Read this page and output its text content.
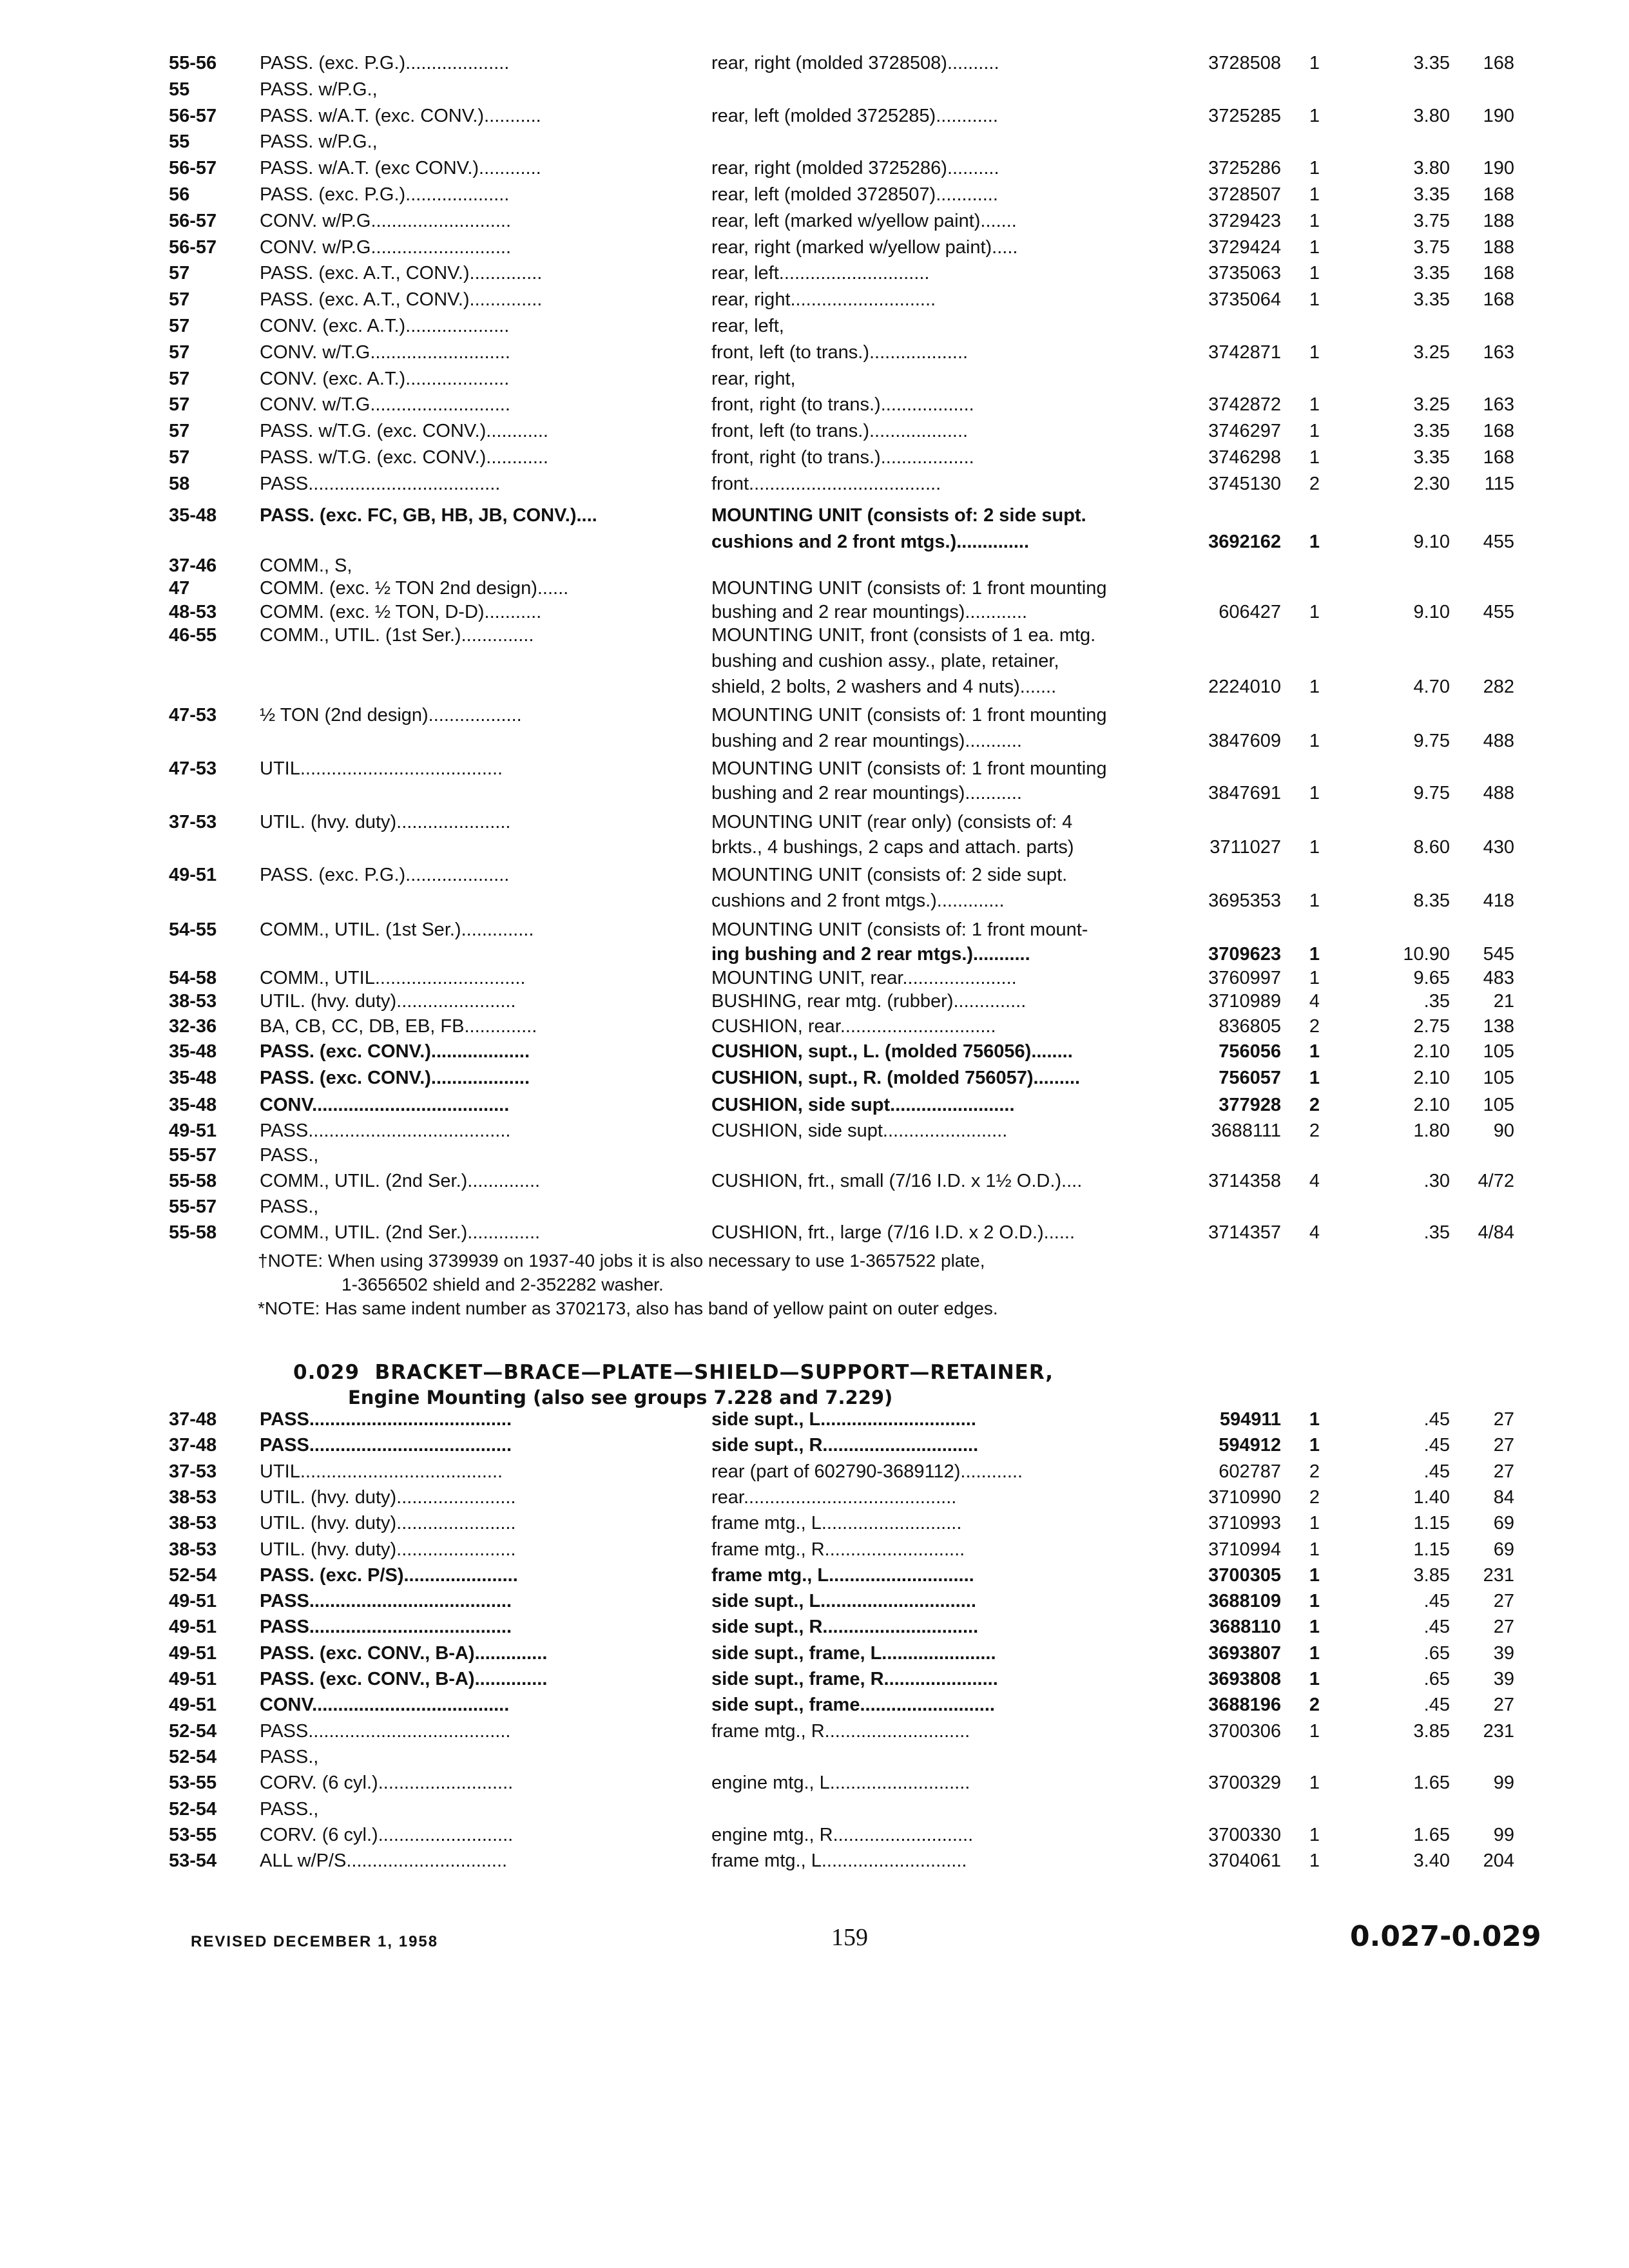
55-56 PASS. (exc. P.G.)....................	rear, right (molded 3728508)..........	3728508	1	3.35	168
55	PASS. w/P.G.,
56-57 PASS. w/A.T. (exc. CONV.)...........	rear, left (molded 3725285)............	3725285	1	3.80	190
55	PASS. w/P.G.,
56-57 PASS. w/A.T. (exc CONV.)............	rear, right (molded 3725286)..........	3725286	1	3.80	190
56	PASS. (exc. P.G.)....................	rear, left (molded 3728507)............	3728507	1	3.35	168
56-57 CONV. w/P.G...........................	rear, left (marked w/yellow paint).......	3729423	1	3.75	188
56-57 CONV. w/P.G...........................	rear, right (marked w/yellow paint).....	3729424	1	3.75	188
57	PASS. (exc. A.T., CONV.)..............	rear, left.............................	3735063	1	3.35	168
57	PASS. (exc. A.T., CONV.)..............	rear, right............................	3735064	1	3.35	168
57	CONV. (exc. A.T.)....................	rear, left,
57	CONV. w/T.G...........................	front, left (to trans.)...................	3742871	1	3.25	163
57	CONV. (exc. A.T.)....................	rear, right,
57	CONV. w/T.G...........................	front, right (to trans.)..................	3742872	1	3.25	163
57	PASS. w/T.G. (exc. CONV.)............	front, left (to trans.)...................	3746297	1	3.35	168
57	PASS. w/T.G. (exc. CONV.)............	front, right (to trans.)..................	3746298	1	3.35	168
58	PASS.....................................	front.....................................	3745130	2	2.30	115
35-48 PASS. (exc. FC, GB, HB, JB, CONV.)....	MOUNTING UNIT (consists of: 2 side supt.
cushions and 2 front mtgs.)..............	3692162	1	9.10	455
37-46 COMM., S,
47	COMM. (exc. ½ TON 2nd design)......	MOUNTING UNIT (consists of: 1 front mounting
48-53 COMM. (exc. ½ TON, D-D)...........	bushing and 2 rear mountings)............	606427	1	9.10	455
46-55 COMM., UTIL. (1st Ser.)..............	MOUNTING UNIT, front (consists of 1 ea. mtg.
bushing and cushion assy., plate, retainer,
shield, 2 bolts, 2 washers and 4 nuts).......	2224010	1	4.70	282
47-53 ½ TON (2nd design)..................	MOUNTING UNIT (consists of: 1 front mounting
bushing and 2 rear mountings)...........	3847609	1	9.75	488
47-53 UTIL.......................................	MOUNTING UNIT (consists of: 1 front mounting
bushing and 2 rear mountings)...........	3847691	1	9.75	488
37-53 UTIL. (hvy. duty)......................	MOUNTING UNIT (rear only) (consists of: 4
brkts., 4 bushings, 2 caps and attach. parts)	3711027	1	8.60	430
49-51 PASS. (exc. P.G.)....................	MOUNTING UNIT (consists of: 2 side supt.
cushions and 2 front mtgs.).............	3695353	1	8.35	418
54-55 COMM., UTIL. (1st Ser.)..............	MOUNTING UNIT (consists of: 1 front mount-
ing bushing and 2 rear mtgs.)...........	3709623	1	10.90	545
54-58 COMM., UTIL.............................	MOUNTING UNIT, rear......................	3760997	1	9.65	483
38-53 UTIL. (hvy. duty).......................	BUSHING, rear mtg. (rubber)..............	3710989	4	.35	21
32-36 BA, CB, CC, DB, EB, FB..............	CUSHION, rear..............................	836805	2	2.75	138
35-48 PASS. (exc. CONV.)...................	CUSHION, supt., L. (molded 756056)........	756056	1	2.10	105
35-48 PASS. (exc. CONV.)...................	CUSHION, supt., R. (molded 756057).........	756057	1	2.10	105
35-48 CONV......................................	CUSHION, side supt........................	377928	2	2.10	105
49-51 PASS.......................................	CUSHION, side supt........................	3688111	2	1.80	90
55-57 PASS.,
55-58 COMM., UTIL. (2nd Ser.)..............	CUSHION, frt., small (7/16 I.D. x 1½ O.D.)....	3714358	4	.30	4/72
55-57 PASS.,
55-58 COMM., UTIL. (2nd Ser.)..............	CUSHION, frt., large (7/16 I.D. x 2 O.D.)......	3714357	4	.35	4/84
†NOTE: When using 3739939 on 1937-40 jobs it is also necessary to use 1-3657522 plate,
1-3656502 shield and 2-352282 washer.
*NOTE: Has same indent number as 3702173, also has band of yellow paint on outer edges.
0.029 BRACKET—BRACE—PLATE—SHIELD—SUPPORT—RETAINER,
Engine Mounting (also see groups 7.228 and 7.229)
37-48 PASS.......................................	side supt., L..............................	594911	1	.45	27
37-48 PASS.......................................	side supt., R..............................	594912	1	.45	27
37-53 UTIL.......................................	rear (part of 602790-3689112)............	602787	2	.45	27
38-53 UTIL. (hvy. duty).......................	rear.........................................	3710990	2	1.40	84
38-53 UTIL. (hvy. duty).......................	frame mtg., L...........................	3710993	1	1.15	69
38-53 UTIL. (hvy. duty).......................	frame mtg., R...........................	3710994	1	1.15	69
52-54 PASS. (exc. P/S)......................	frame mtg., L............................	3700305	1	3.85	231
49-51 PASS.......................................	side supt., L..............................	3688109	1	.45	27
49-51 PASS.......................................	side supt., R..............................	3688110	1	.45	27
49-51 PASS. (exc. CONV., B-A)..............	side supt., frame, L......................	3693807	1	.65	39
49-51 PASS. (exc. CONV., B-A)..............	side supt., frame, R......................	3693808	1	.65	39
49-51 CONV......................................	side supt., frame..........................	3688196	2	.45	27
52-54 PASS.......................................	frame mtg., R............................	3700306	1	3.85	231
52-54 PASS.,
53-55 CORV. (6 cyl.)..........................	engine mtg., L...........................	3700329	1	1.65	99
52-54 PASS.,
53-55 CORV. (6 cyl.)..........................	engine mtg., R...........................	3700330	1	1.65	99
53-54 ALL w/P/S...............................	frame mtg., L............................	3704061	1	3.40	204
REVISED DECEMBER 1, 1958	159	0.027-0.029
